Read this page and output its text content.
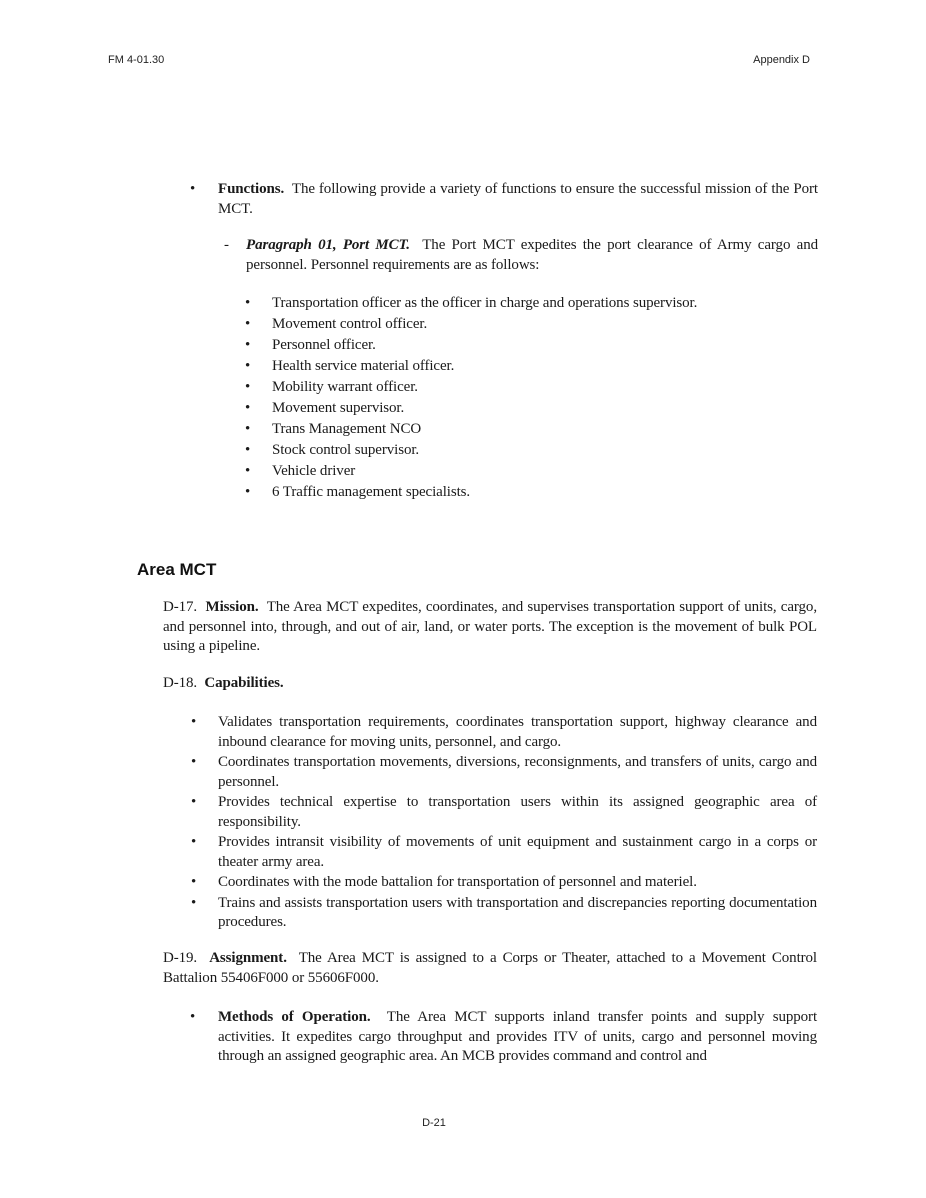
FM 4-01.30	Appendix D
• Functions. The following provide a variety of functions to ensure the successful mission of the Port MCT.
- Paragraph 01, Port MCT. The Port MCT expedites the port clearance of Army cargo and personnel. Personnel requirements are as follows:
• Transportation officer as the officer in charge and operations supervisor.
• Movement control officer.
• Personnel officer.
• Health service material officer.
• Mobility warrant officer.
• Movement supervisor.
• Trans Management NCO
• Stock control supervisor.
• Vehicle driver
• 6 Traffic management specialists.
Area MCT
D-17. Mission. The Area MCT expedites, coordinates, and supervises transportation support of units, cargo, and personnel into, through, and out of air, land, or water ports. The exception is the movement of bulk POL using a pipeline.
D-18. Capabilities.
• Validates transportation requirements, coordinates transportation support, highway clearance and inbound clearance for moving units, personnel, and cargo.
• Coordinates transportation movements, diversions, reconsignments, and transfers of units, cargo and personnel.
• Provides technical expertise to transportation users within its assigned geographic area of responsibility.
• Provides intransit visibility of movements of unit equipment and sustainment cargo in a corps or theater army area.
• Coordinates with the mode battalion for transportation of personnel and materiel.
• Trains and assists transportation users with transportation and discrepancies reporting documentation procedures.
D-19. Assignment. The Area MCT is assigned to a Corps or Theater, attached to a Movement Control Battalion 55406F000 or 55606F000.
• Methods of Operation. The Area MCT supports inland transfer points and supply support activities. It expedites cargo throughput and provides ITV of units, cargo and personnel moving through an assigned geographic area. An MCB provides command and control and
D-21
